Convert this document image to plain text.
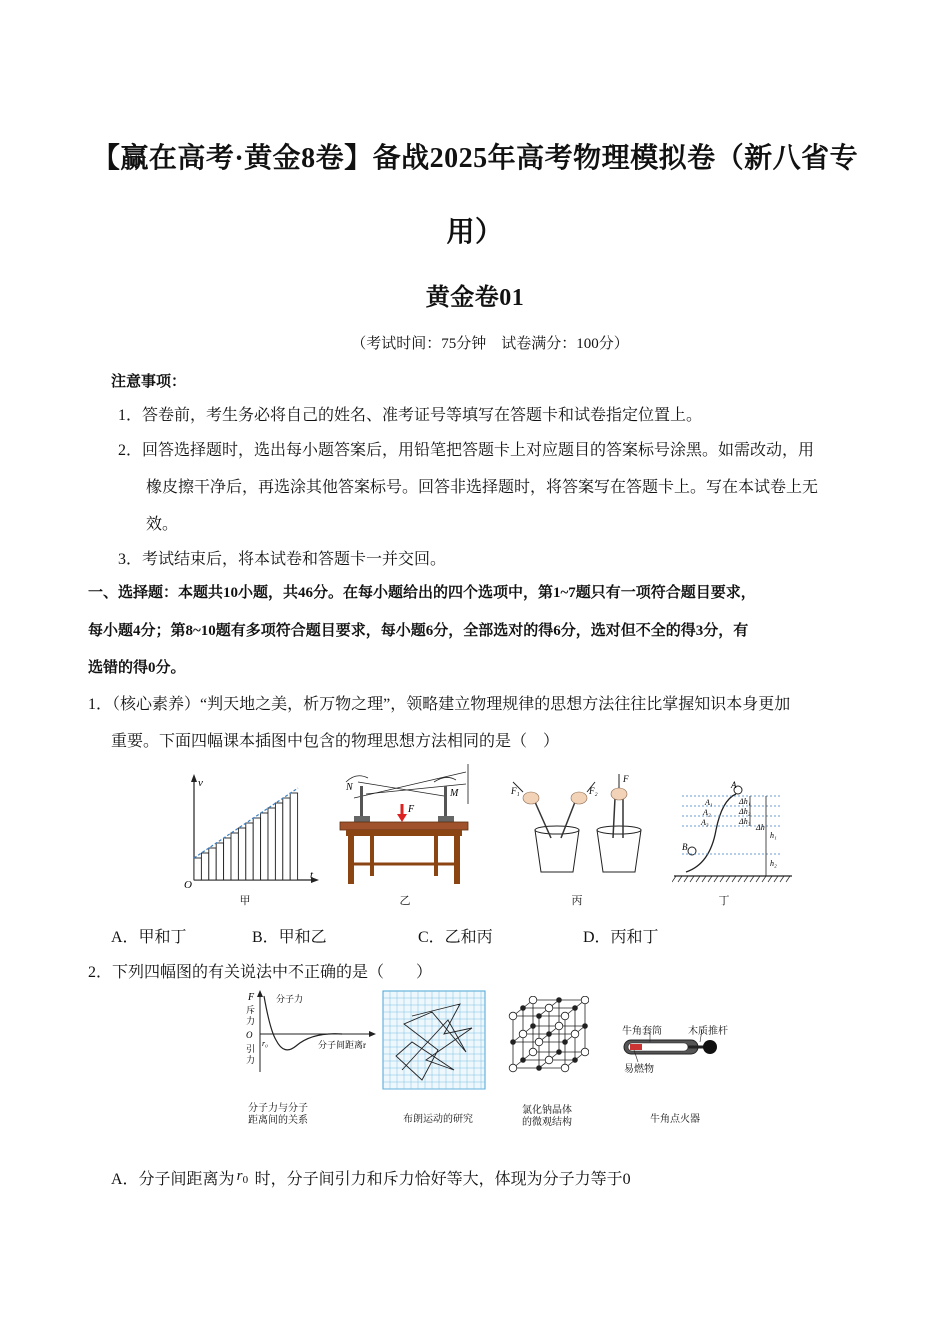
【赢在高考·黄金8卷】备战2025年高考物理模拟卷（新八省专
用）
黄金卷01
（考试时间：75分钟　试卷满分：100分）
注意事项：
1．答卷前，考生务必将自己的姓名、准考证号等填写在答题卡和试卷指定位置上。
2．回答选择题时，选出每小题答案后，用铅笔把答题卡上对应题目的答案标号涂黑。如需改动，用
橡皮擦干净后，再选涂其他答案标号。回答非选择题时，将答案写在答题卡上。写在本试卷上无
效。
3．考试结束后，将本试卷和答题卡一并交回。
一、选择题：本题共10小题，共46分。在每小题给出的四个选项中，第1~7题只有一项符合题目要求，
每小题4分；第8~10题有多项符合题目要求，每小题6分，全部选对的得6分，选对但不全的得3分，有
选错的得0分。
1．（核心素养）“判天地之美，析万物之理”，领略建立物理规律的思想方法往往比掌握知识本身更加
重要。下面四幅课本插图中包含的物理思想方法相同的是（　）
v
t
O
甲
N
M
F
乙
F₁	F₂
F
丙
A
B
A₁
A₂
A₃
Δh₁
Δh₂
Δh₃
Δh
h₁
h₂
丁
A．甲和丁	B．甲和乙	C．乙和丙	D．丙和丁
2．下列四幅图的有关说法中不正确的是（　　）
F
斥
力
O
引
力
r₀
分子力
分子间距离r
分子力与分子
距离间的关系	布朗运动的研究
氯化钠晶体
的微观结构
牛角套筒	木质推杆
易燃物
牛角点火器
A．分子间距离为 r 0 时，分子间引力和斥力恰好等大，体现为分子力等于0
